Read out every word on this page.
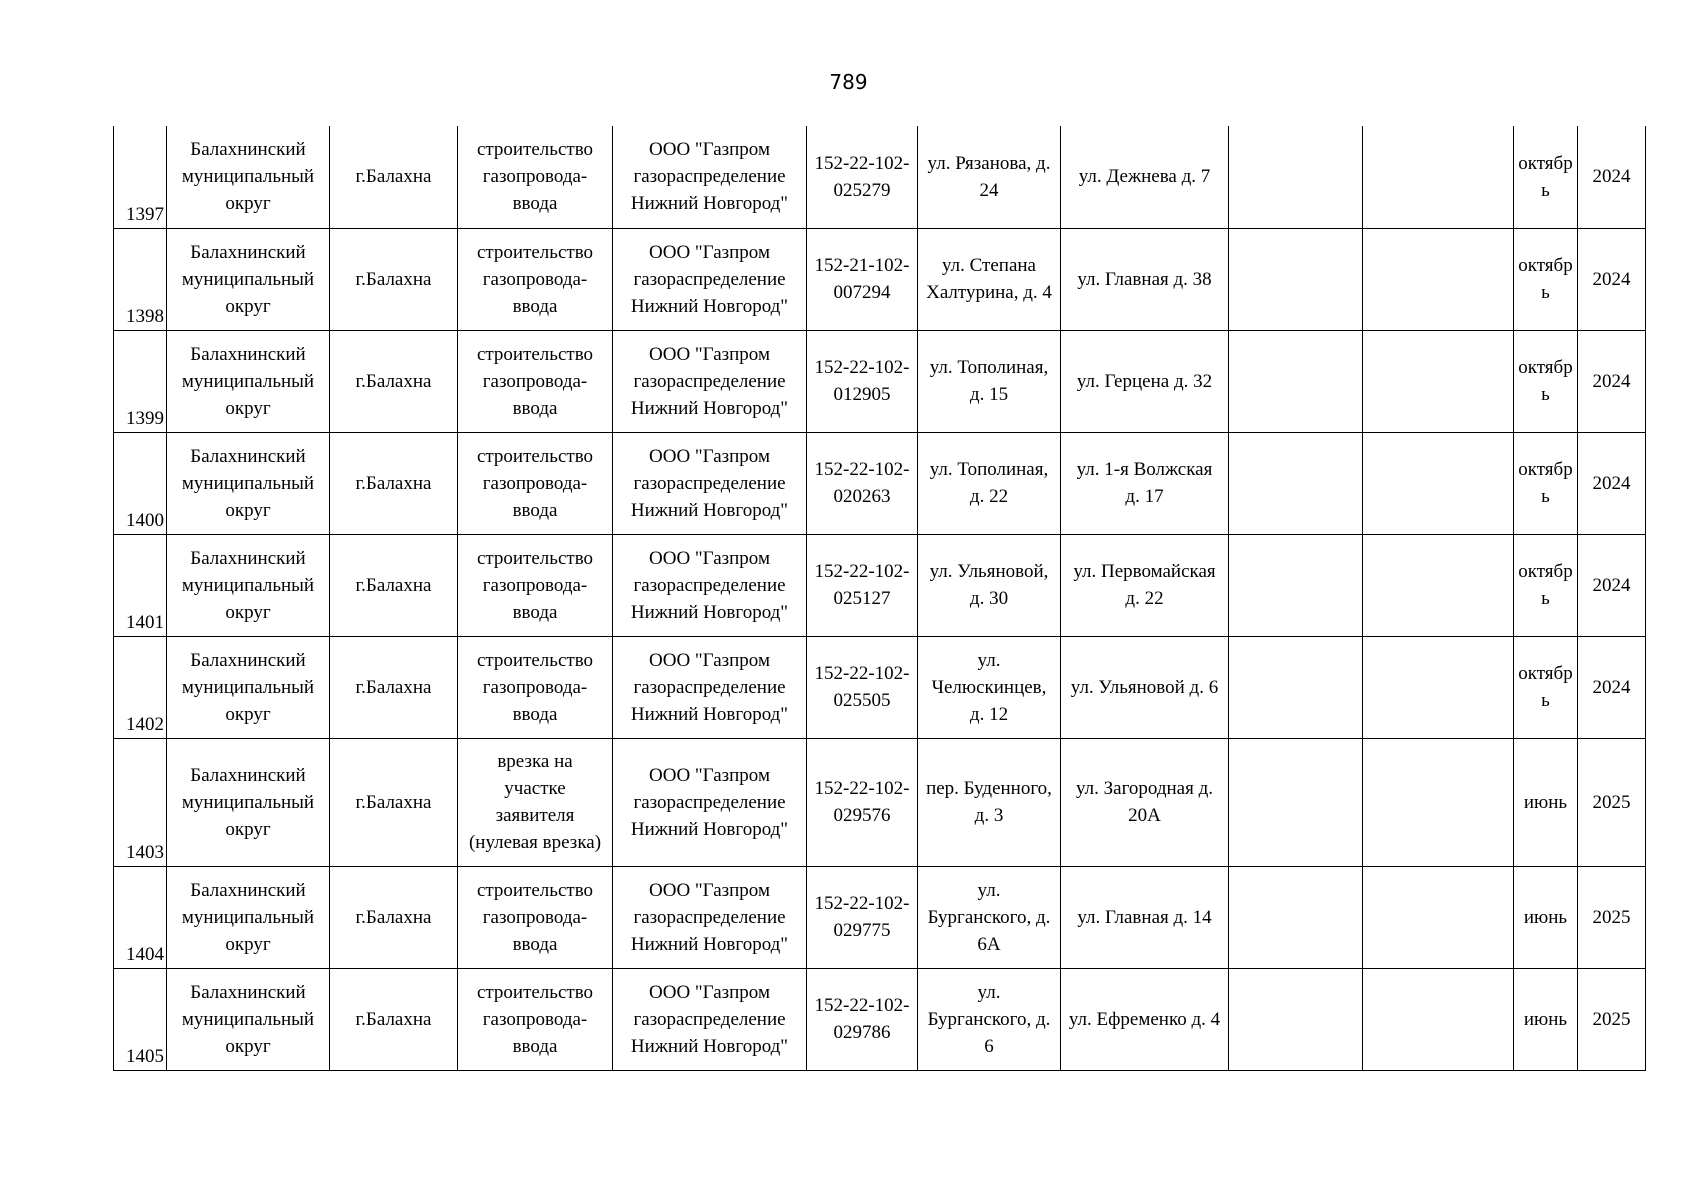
789
1397	Балахнинский
муниципальный
округ	г.Балахна	строительство
газопровода-
ввода	ООО "Газпром
газораспределение
Нижний Новгород"	152-22-102-
025279	ул. Рязанова, д.
24	ул. Дежнева д. 7			октябр
ь	2024
1398	Балахнинский
муниципальный
округ	г.Балахна	строительство
газопровода-
ввода	ООО "Газпром
газораспределение
Нижний Новгород"	152-21-102-
007294	ул. Степана
Халтурина, д. 4	ул. Главная д. 38			октябр
ь	2024
1399	Балахнинский
муниципальный
округ	г.Балахна	строительство
газопровода-
ввода	ООО "Газпром
газораспределение
Нижний Новгород"	152-22-102-
012905	ул. Тополиная,
д. 15	ул. Герцена д. 32			октябр
ь	2024
1400	Балахнинский
муниципальный
округ	г.Балахна	строительство
газопровода-
ввода	ООО "Газпром
газораспределение
Нижний Новгород"	152-22-102-
020263	ул. Тополиная,
д. 22	ул. 1-я Волжская
д. 17			октябр
ь	2024
1401	Балахнинский
муниципальный
округ	г.Балахна	строительство
газопровода-
ввода	ООО "Газпром
газораспределение
Нижний Новгород"	152-22-102-
025127	ул. Ульяновой,
д. 30	ул. Первомайская
д. 22			октябр
ь	2024
1402	Балахнинский
муниципальный
округ	г.Балахна	строительство
газопровода-
ввода	ООО "Газпром
газораспределение
Нижний Новгород"	152-22-102-
025505	ул.
Челюскинцев,
д. 12	ул. Ульяновой д. 6			октябр
ь	2024
1403	Балахнинский
муниципальный
округ	г.Балахна	врезка на
участке
заявителя
(нулевая врезка)	ООО "Газпром
газораспределение
Нижний Новгород"	152-22-102-
029576	пер. Буденного,
д. 3	ул. Загородная д.
20А			июнь	2025
1404	Балахнинский
муниципальный
округ	г.Балахна	строительство
газопровода-
ввода	ООО "Газпром
газораспределение
Нижний Новгород"	152-22-102-
029775	ул.
Бурганского, д.
6А	ул. Главная д. 14			июнь	2025
1405	Балахнинский
муниципальный
округ	г.Балахна	строительство
газопровода-
ввода	ООО "Газпром
газораспределение
Нижний Новгород"	152-22-102-
029786	ул.
Бурганского, д.
6	ул. Ефременко д. 4			июнь	2025
